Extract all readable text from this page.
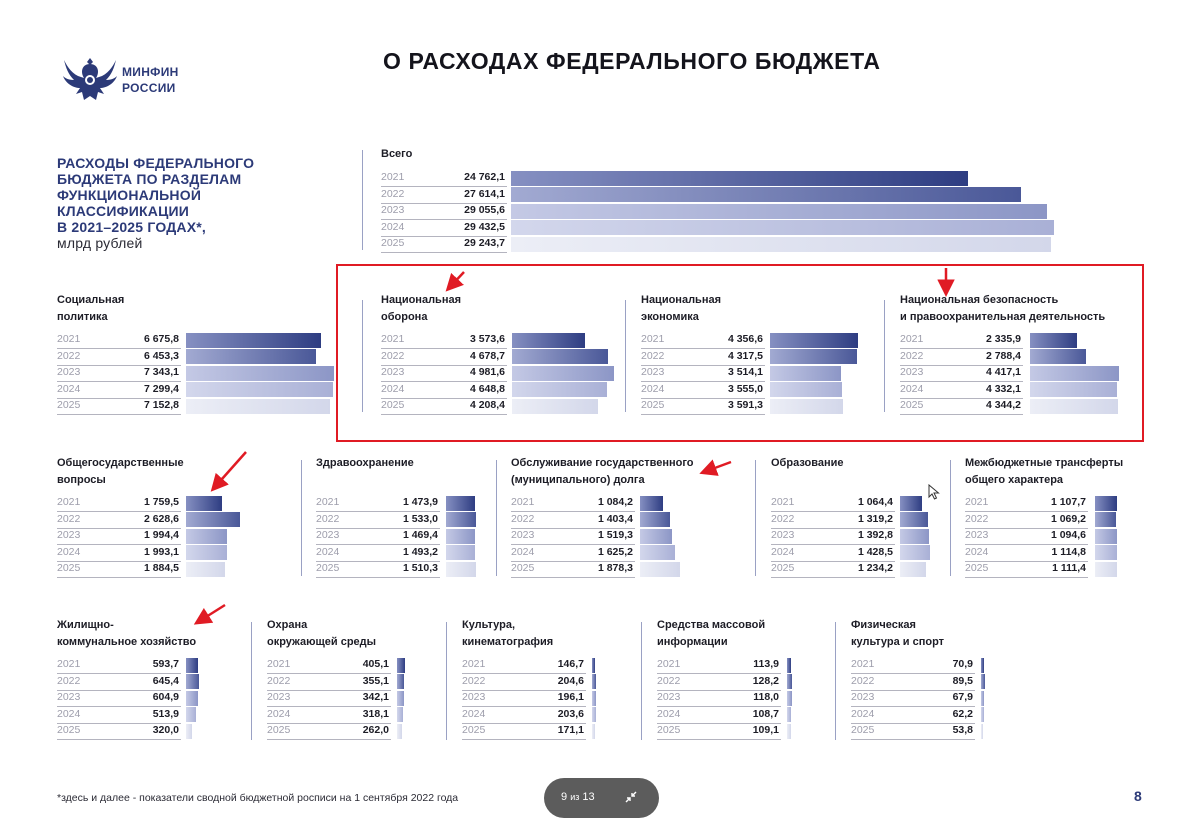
МИНФИН
РОССИИ
О РАСХОДАХ ФЕДЕРАЛЬНОГО БЮДЖЕТА
РАСХОДЫ ФЕДЕРАЛЬНОГО
БЮДЖЕТА ПО РАЗДЕЛАМ
ФУНКЦИОНАЛЬНОЙ
КЛАССИФИКАЦИИ
В 2021–2025 ГОДАХ*,
млрд рублей
Всего
2021	24 762,1
2022	27 614,1
2023	29 055,6
2024	29 432,5
2025	29 243,7
Социальная
политика
2021	6 675,8
2022	6 453,3
2023	7 343,1
2024	7 299,4
2025	7 152,8
Национальная
оборона
2021	3 573,6
2022	4 678,7
2023	4 981,6
2024	4 648,8
2025	4 208,4
Национальная
экономика
2021	4 356,6
2022	4 317,5
2023	3 514,1
2024	3 555,0
2025	3 591,3
Национальная безопасность
и правоохранительная деятельность
2021	2 335,9
2022	2 788,4
2023	4 417,1
2024	4 332,1
2025	4 344,2
Общегосударственные
вопросы
2021	1 759,5
2022	2 628,6
2023	1 994,4
2024	1 993,1
2025	1 884,5
Здравоохранение
2021	1 473,9
2022	1 533,0
2023	1 469,4
2024	1 493,2
2025	1 510,3
Обслуживание государственного
(муниципального) долга
2021	1 084,2
2022	1 403,4
2023	1 519,3
2024	1 625,2
2025	1 878,3
Образование
2021	1 064,4
2022	1 319,2
2023	1 392,8
2024	1 428,5
2025	1 234,2
Межбюджетные трансферты
общего характера
2021	1 107,7
2022	1 069,2
2023	1 094,6
2024	1 114,8
2025	1 111,4
Жилищно-
коммунальное хозяйство
2021	593,7
2022	645,4
2023	604,9
2024	513,9
2025	320,0
Охрана
окружающей среды
2021	405,1
2022	355,1
2023	342,1
2024	318,1
2025	262,0
Культура,
кинематография
2021	146,7
2022	204,6
2023	196,1
2024	203,6
2025	171,1
Средства массовой
информации
2021	113,9
2022	128,2
2023	118,0
2024	108,7
2025	109,1
Физическая
культура и спорт
2021	70,9
2022	89,5
2023	67,9
2024	62,2
2025	53,8
*здесь и далее - показатели сводной бюджетной росписи на 1 сентября 2022 года	9 из 13	8
